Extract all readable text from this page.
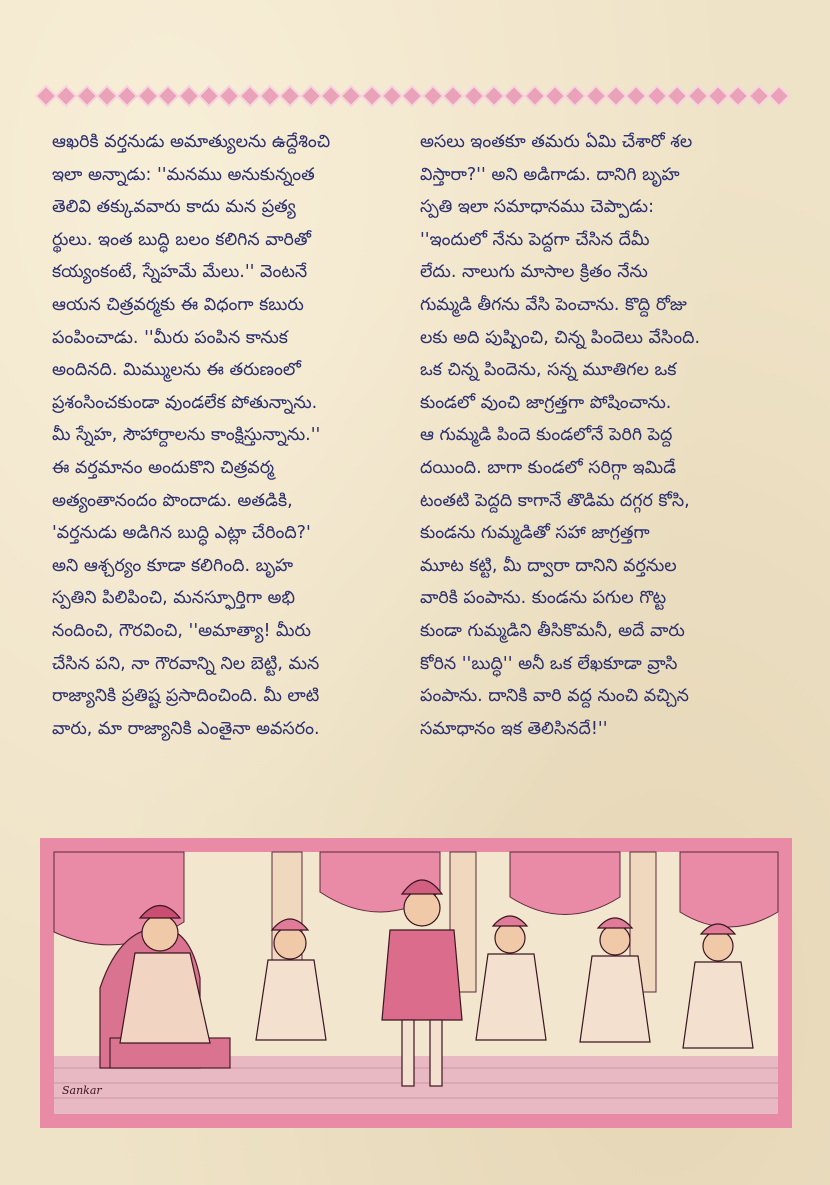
ఆఖరికి వర్తనుడు అమాత్యులను ఉద్దేశించి
ఇలా అన్నాడు: ''మనము అనుకున్నంత
తెలివి తక్కువవారు కాదు మన ప్రత్య
ర్థులు. ఇంత బుద్ధి బలం కలిగిన వారితో
కయ్యంకంటే, స్నేహమే మేలు.'' వెంటనే
ఆయన చిత్రవర్మకు ఈ విధంగా కబురు
పంపించాడు. ''మీరు పంపిన కానుక
అందినది. మిమ్ములను ఈ తరుణంలో
ప్రశంసించకుండా వుండలేక పోతున్నాను.
మీ స్నేహ, సౌహార్దాలను కాంక్షిస్తున్నాను.''
ఈ వర్తమానం అందుకొని చిత్రవర్మ
అత్యంతానందం పొందాడు. అతడికి,
'వర్తనుడు అడిగిన బుద్ధి ఎట్లా చేరింది?'
అని ఆశ్చర్యం కూడా కలిగింది. బృహ
స్పతిని పిలిపించి, మనస్ఫూర్తిగా అభి
నందించి, గౌరవించి, ''అమాత్యా! మీరు
చేసిన పని, నా గౌరవాన్ని నిల బెట్టి, మన
రాజ్యానికి ప్రతిష్ట ప్రసాదించింది. మీ లాటి
వారు, మా రాజ్యానికి ఎంతైనా అవసరం.
అసలు ఇంతకూ తమరు ఏమి చేశారో శల
విస్తారా?'' అని అడిగాడు. దానిగి బృహ
స్పతి ఇలా సమాధానము చెప్పాడు:
''ఇందులో నేను పెద్దగా చేసిన దేమీ
లేదు. నాలుగు మాసాల క్రితం నేను
గుమ్మడి తీగను వేసి పెంచాను. కొద్ది రోజు
లకు అది పుష్పించి, చిన్న పిందెలు వేసింది.
ఒక చిన్న పిందెను, సన్న మూతిగల ఒక
కుండలో వుంచి జాగ్రత్తగా పోషించాను.
ఆ గుమ్మడి పిందె కుండలోనే పెరిగి పెద్ద
దయింది. బాగా కుండలో సరిగ్గా ఇమిడే
టంతటి పెద్దది కాగానే తొడిమ దగ్గర కోసి,
కుండను గుమ్మడితో సహా జాగ్రత్తగా
మూట కట్టి, మీ ద్వారా దానిని వర్తనుల
వారికి పంపాను. కుండను పగుల గొట్ట
కుండా గుమ్మడిని తీసికొమనీ, అదే వారు
కోరిన ''బుద్ధి'' అనీ ఒక లేఖకూడా వ్రాసి
పంపాను. దానికి వారి వద్ద నుంచి వచ్చిన
సమాధానం ఇక తెలిసినదే!''
Sankar
